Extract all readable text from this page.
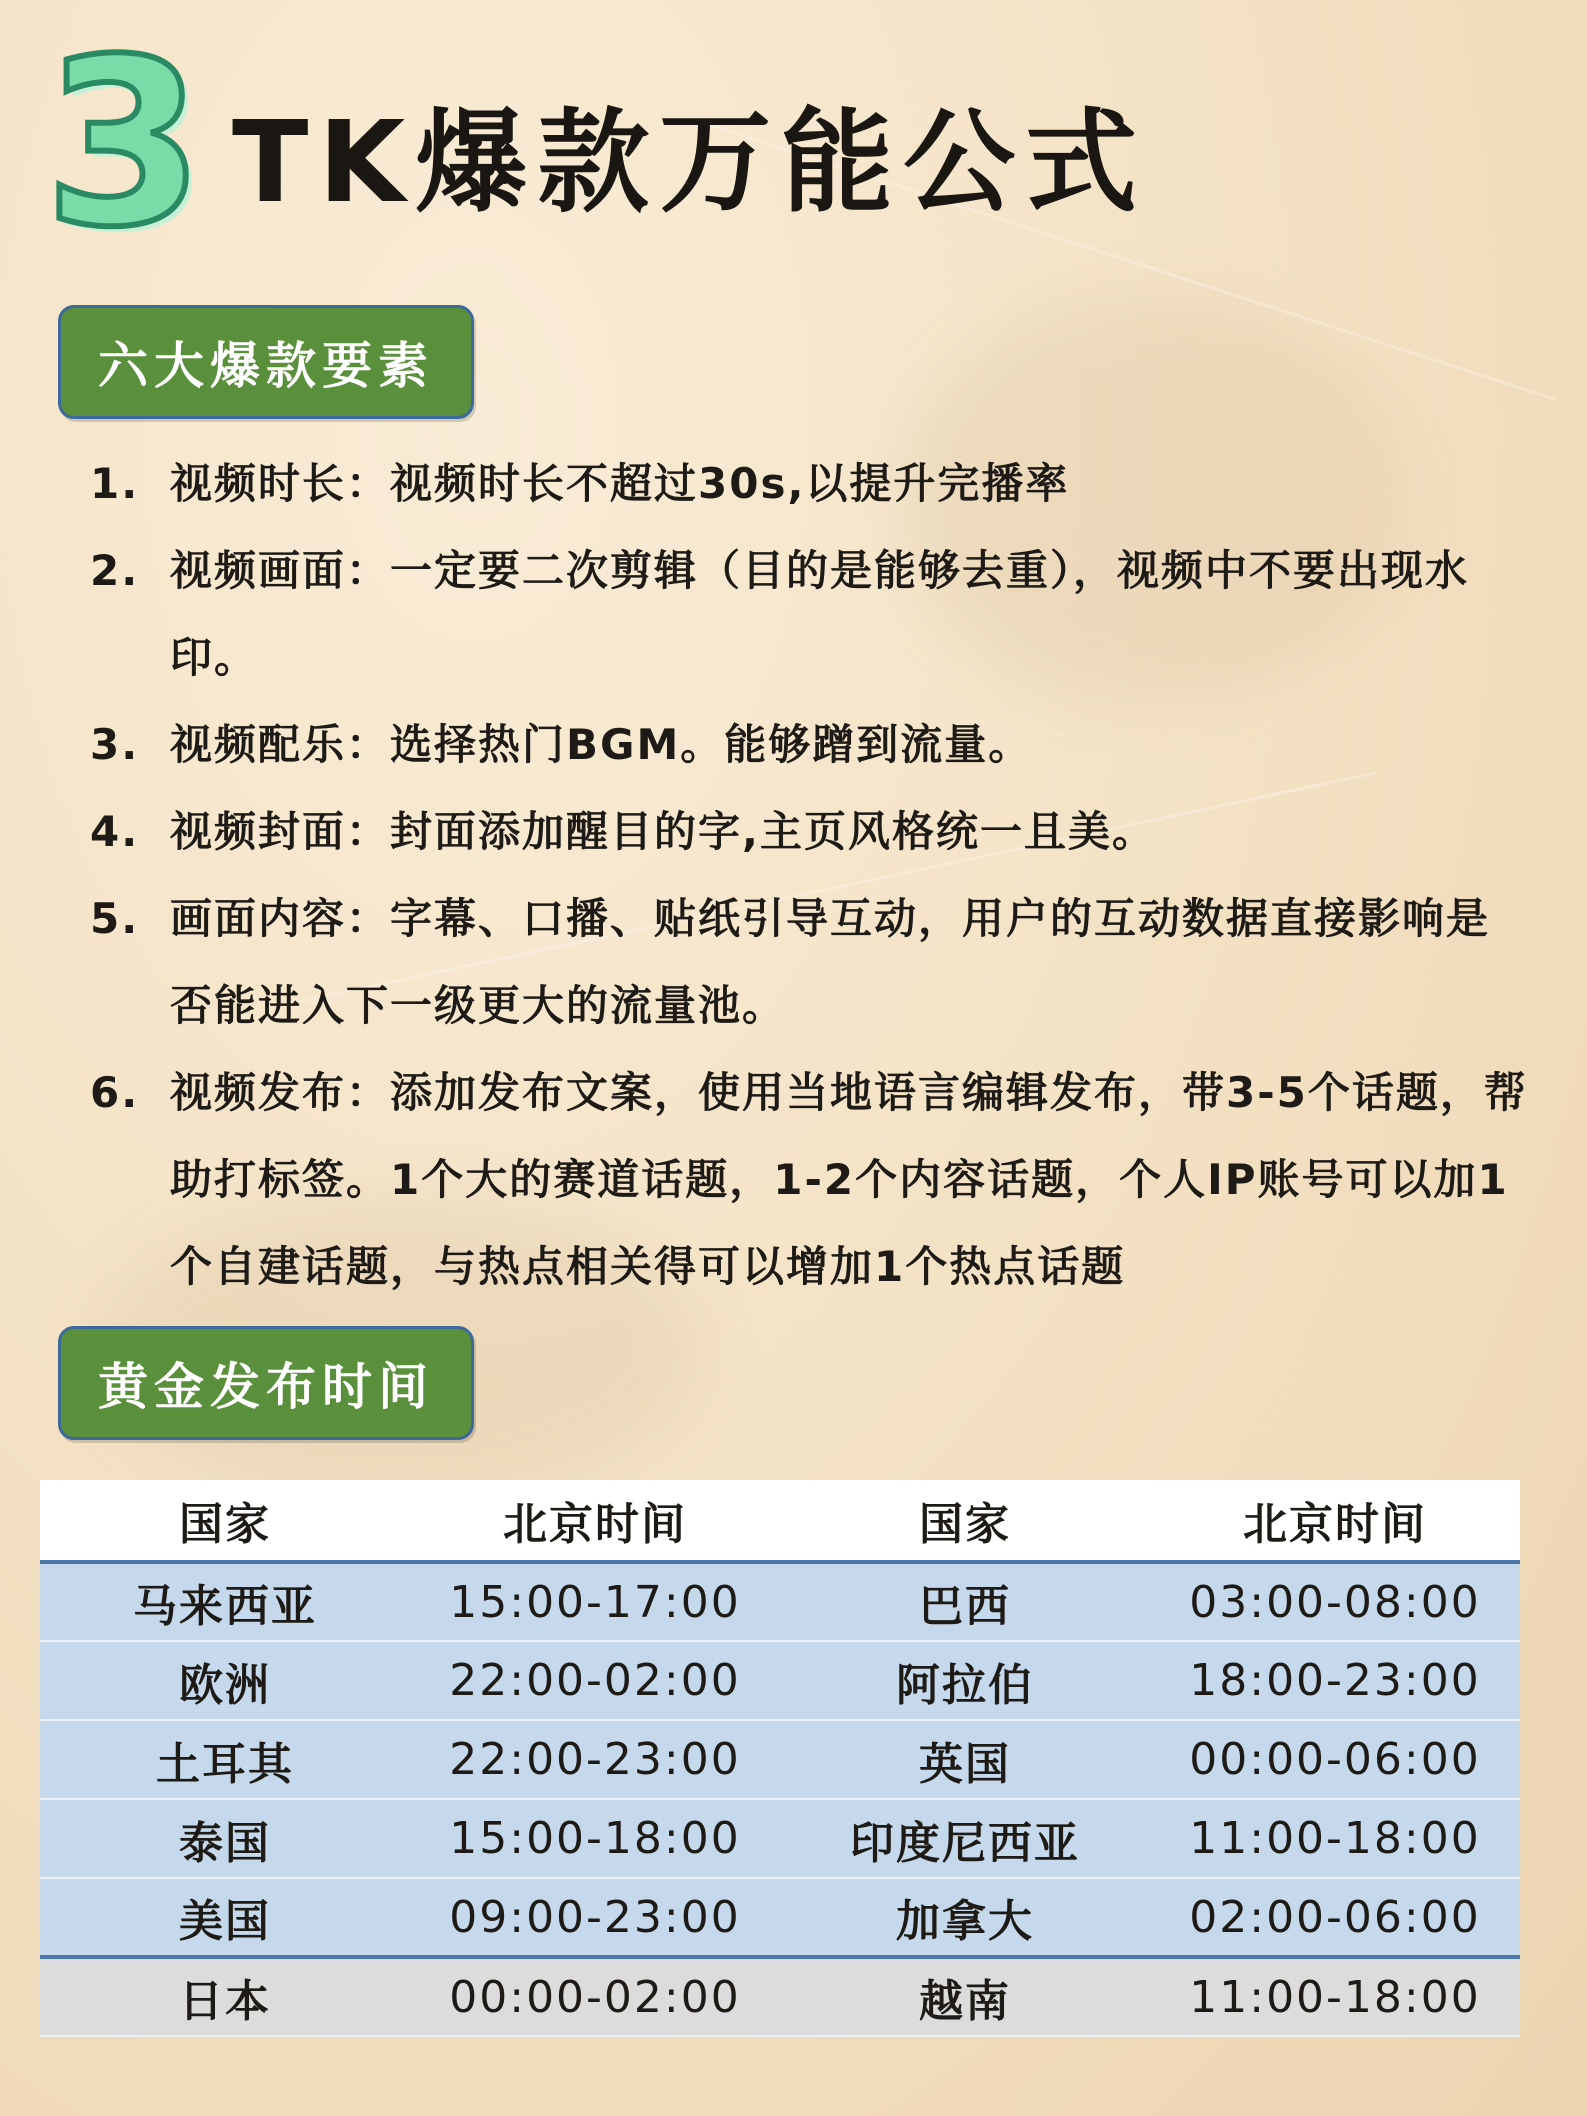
3 TK爆款万能公式
六大爆款要素
1. 视频时长：视频时长不超过30s,以提升完播率
2. 视频画面：一定要二次剪辑（目的是能够去重），视频中不要出现水印。
3. 视频配乐：选择热门BGM。能够蹭到流量。
4. 视频封面：封面添加醒目的字,主页风格统一且美。
5. 画面内容：字幕、口播、贴纸引导互动，用户的互动数据直接影响是否能进入下一级更大的流量池。
6. 视频发布：添加发布文案，使用当地语言编辑发布，带3-5个话题，帮助打标签。1个大的赛道话题，1-2个内容话题，个人IP账号可以加1个自建话题，与热点相关得可以增加1个热点话题
黄金发布时间
国家	北京时间	国家	北京时间
马来西亚	15:00-17:00	巴西	03:00-08:00
欧洲	22:00-02:00	阿拉伯	18:00-23:00
土耳其	22:00-23:00	英国	00:00-06:00
泰国	15:00-18:00	印度尼西亚	11:00-18:00
美国	09:00-23:00	加拿大	02:00-06:00
日本	00:00-02:00	越南	11:00-18:00
